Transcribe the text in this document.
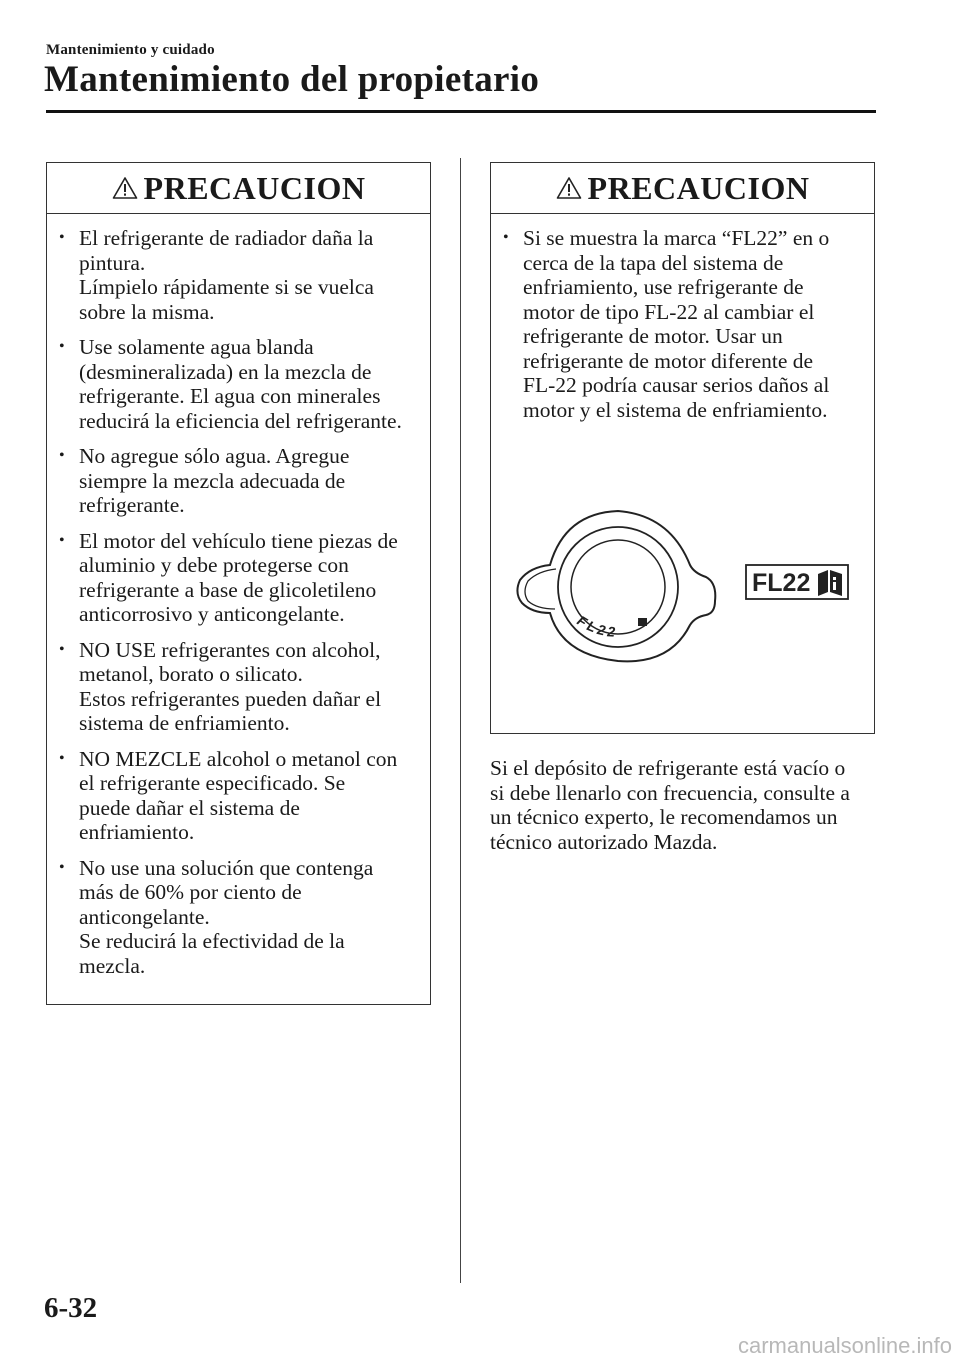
Mantenimiento y cuidado
Mantenimiento del propietario
PRECAUCION
• El refrigerante de radiador daña la
pintura.
Límpielo rápidamente si se vuelca
sobre la misma.
• Use solamente agua blanda
(desmineralizada) en la mezcla de
refrigerante. El agua con minerales
reducirá la eficiencia del refrigerante.
• No agregue sólo agua. Agregue
siempre la mezcla adecuada de
refrigerante.
• El motor del vehículo tiene piezas de
aluminio y debe protegerse con
refrigerante a base de glicoletileno
anticorrosivo y anticongelante.
• NO USE refrigerantes con alcohol,
metanol, borato o silicato.
Estos refrigerantes pueden dañar el
sistema de enfriamiento.
• NO MEZCLE alcohol o metanol con
el refrigerante especificado. Se
puede dañar el sistema de
enfriamiento.
• No use una solución que contenga
más de 60% por ciento de
anticongelante.
Se reducirá la efectividad de la
mezcla.
PRECAUCION
• Si se muestra la marca “FL22” en o
cerca de la tapa del sistema de
enfriamiento, use refrigerante de
motor de tipo FL-22 al cambiar el
refrigerante de motor. Usar un
refrigerante de motor diferente de
FL-22 podría causar serios daños al
motor y el sistema de enfriamiento.
FL22
FL22
Si el depósito de refrigerante está vacío o
si debe llenarlo con frecuencia, consulte a
un técnico experto, le recomendamos un
técnico autorizado Mazda.
6-32
carmanualsonline.info
